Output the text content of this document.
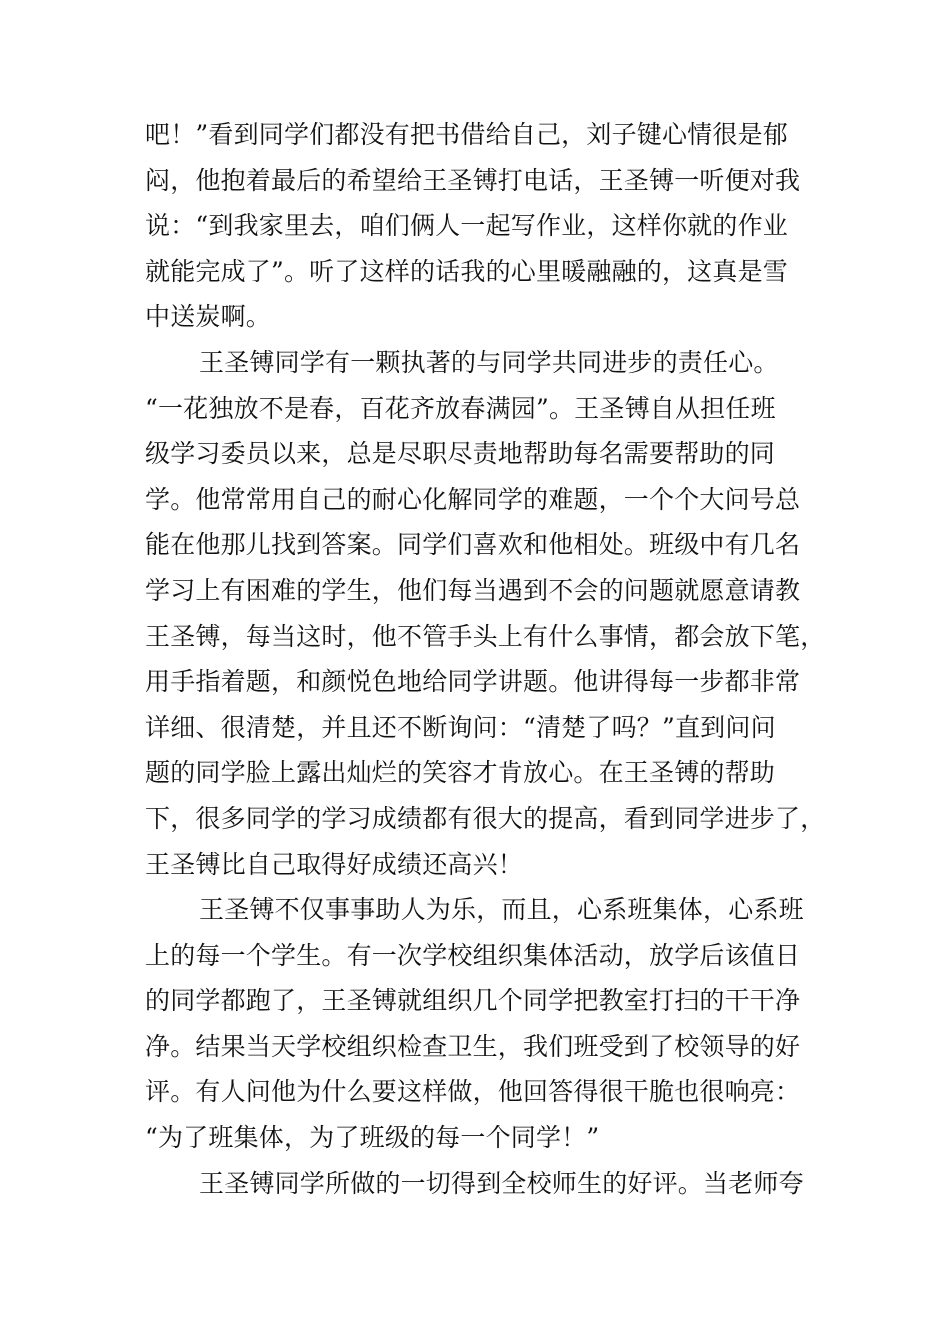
吧！”看到同学们都没有把书借给自己，刘子键心情很是郁
闷，他抱着最后的希望给王圣镈打电话，王圣镈一听便对我
说：“到我家里去，咱们俩人一起写作业，这样你就的作业
就能完成了”。听了这样的话我的心里暖融融的，这真是雪
中送炭啊。
王圣镈同学有一颗执著的与同学共同进步的责任心。
“一花独放不是春，百花齐放春满园”。王圣镈自从担任班
级学习委员以来，总是尽职尽责地帮助每名需要帮助的同
学。他常常用自己的耐心化解同学的难题，一个个大问号总
能在他那儿找到答案。同学们喜欢和他相处。班级中有几名
学习上有困难的学生，他们每当遇到不会的问题就愿意请教
王圣镈，每当这时，他不管手头上有什么事情，都会放下笔，
用手指着题，和颜悦色地给同学讲题。他讲得每一步都非常
详细、很清楚，并且还不断询问：“清楚了吗？”直到问问
题的同学脸上露出灿烂的笑容才肯放心。在王圣镈的帮助
下，很多同学的学习成绩都有很大的提高，看到同学进步了，
王圣镈比自己取得好成绩还高兴！
王圣镈不仅事事助人为乐，而且，心系班集体，心系班
上的每一个学生。有一次学校组织集体活动，放学后该值日
的同学都跑了，王圣镈就组织几个同学把教室打扫的干干净
净。结果当天学校组织检查卫生，我们班受到了校领导的好
评。有人问他为什么要这样做，他回答得很干脆也很响亮：
“为了班集体，为了班级的每一个同学！”
王圣镈同学所做的一切得到全校师生的好评。当老师夸
